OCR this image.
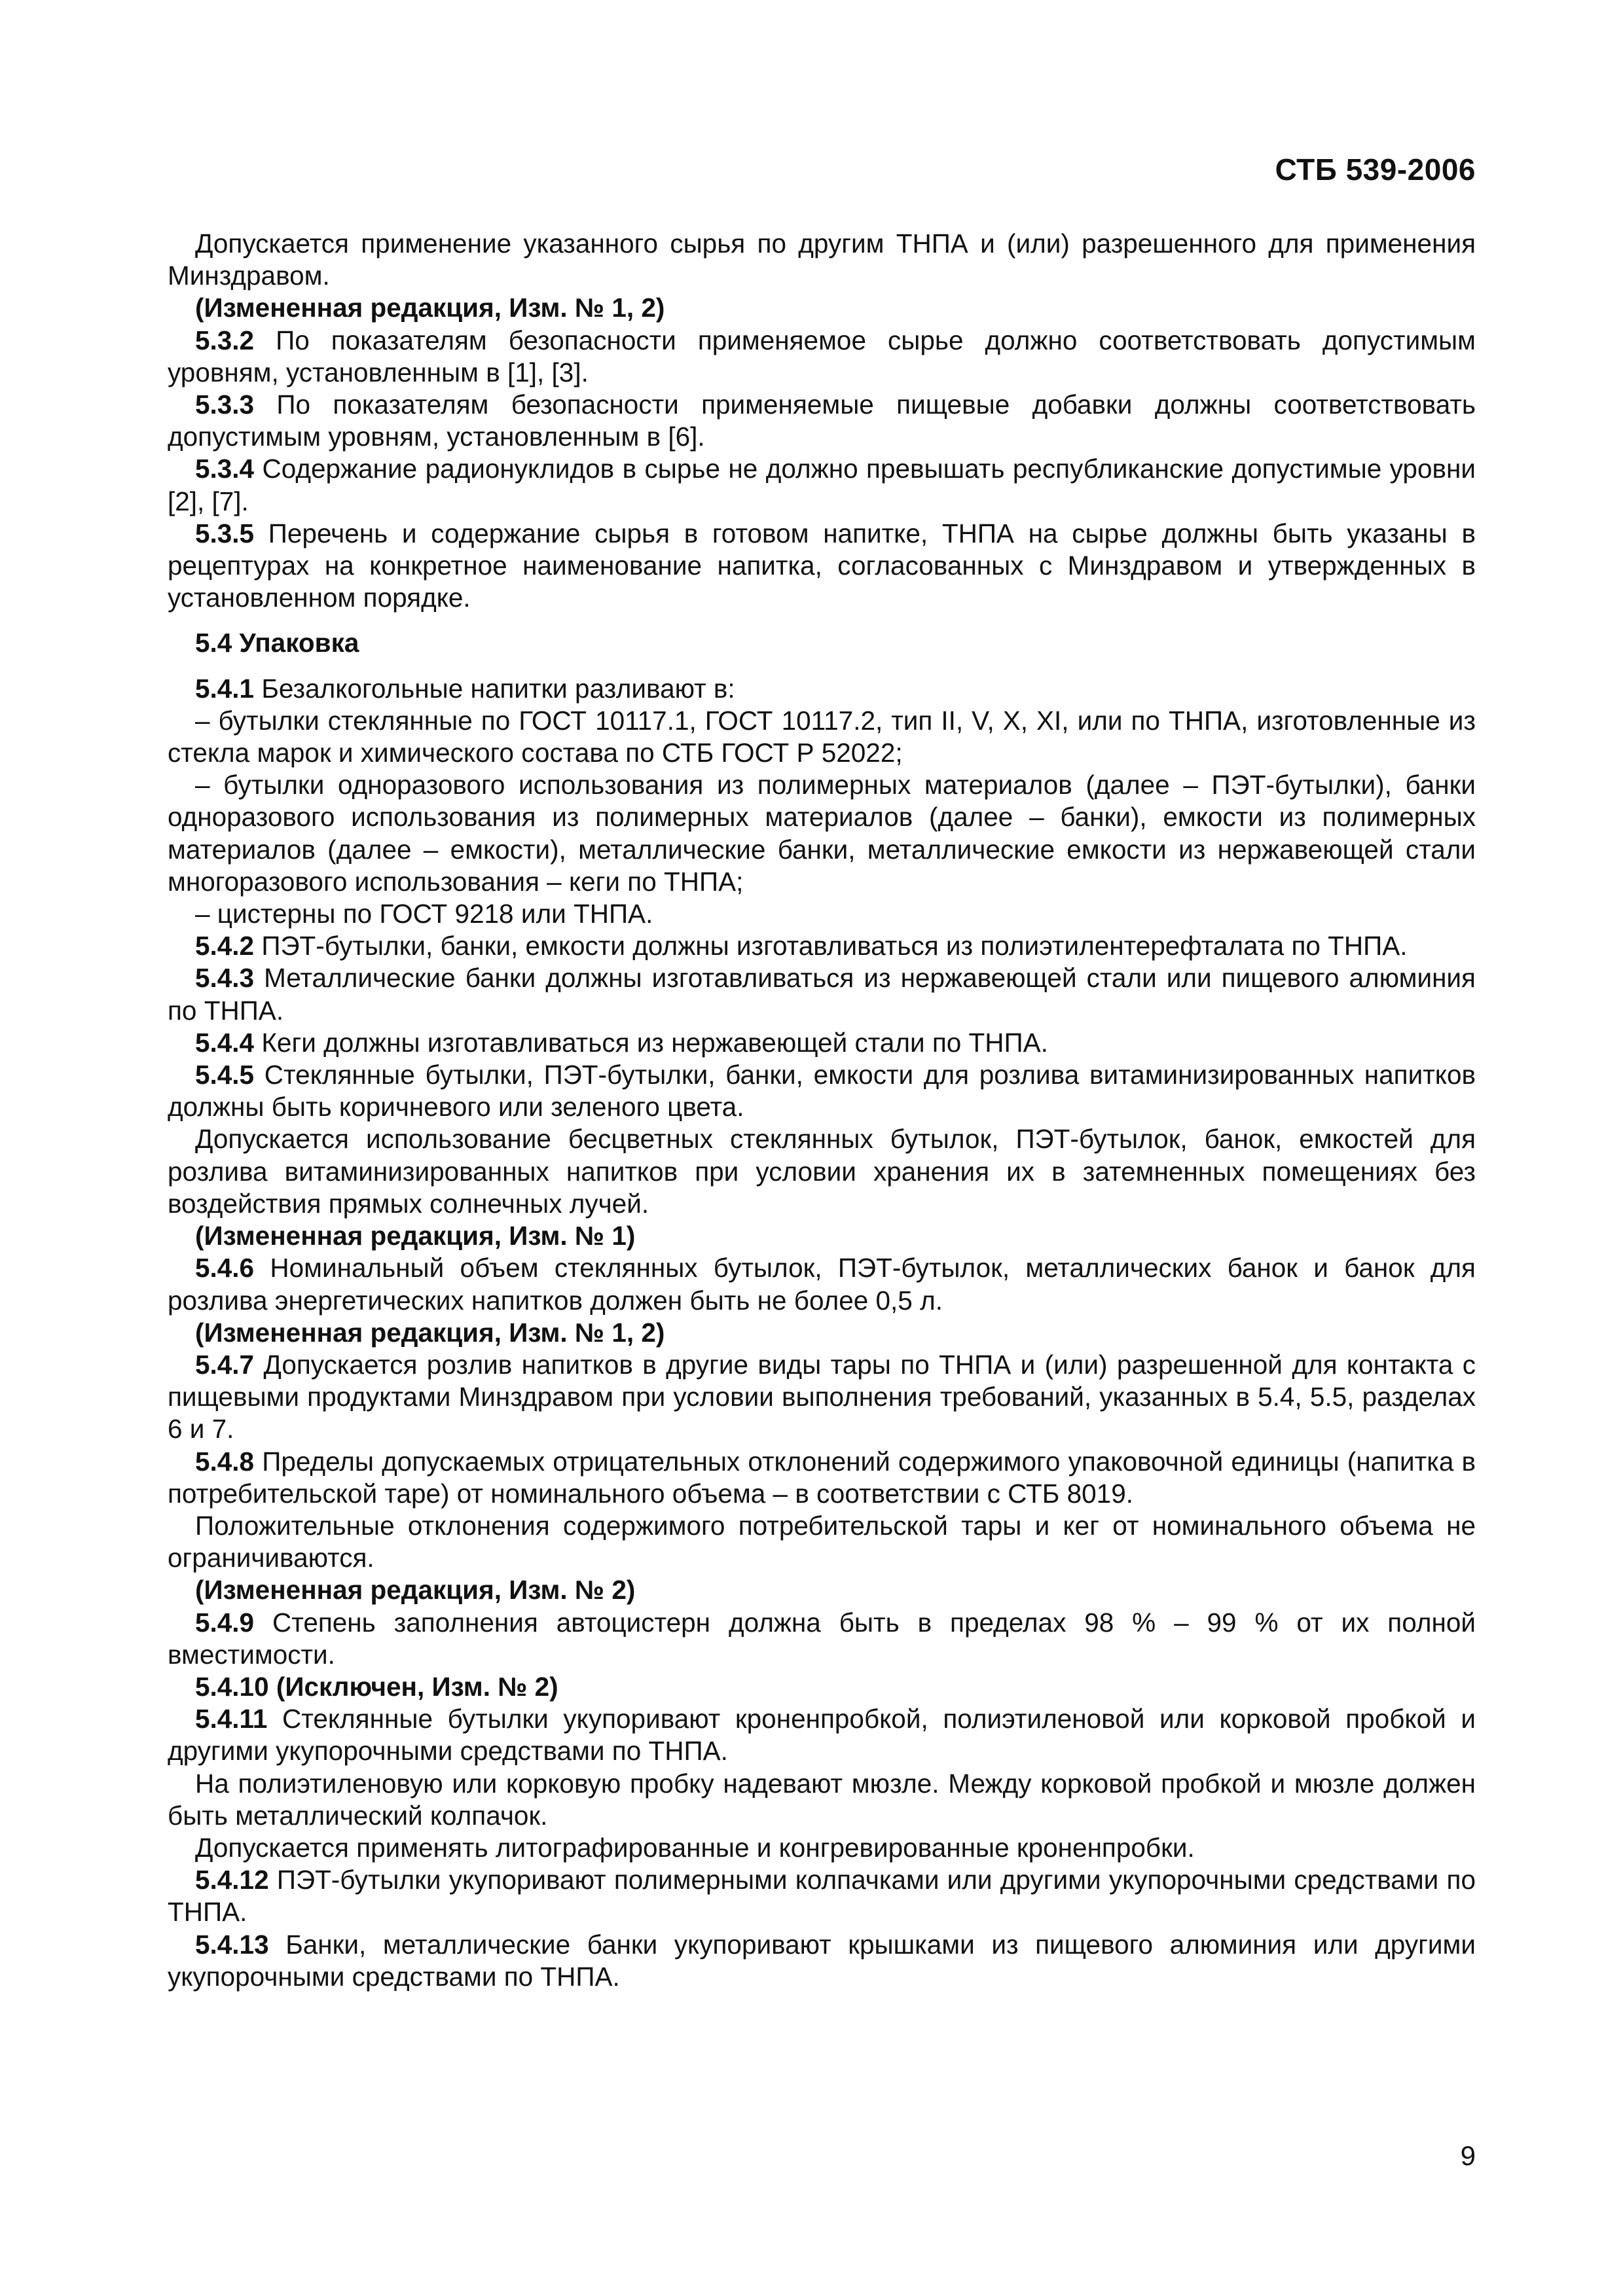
СТБ 539-2006

Допускается применение указанного сырья по другим ТНПА и (или) разрешенного для применения Минздравом.

(Измененная редакция, Изм. № 1, 2)

5.3.2 По показателям безопасности применяемое сырье должно соответствовать допустимым уровням, установленным в [1], [3].

5.3.3 По показателям безопасности применяемые пищевые добавки должны соответствовать допустимым уровням, установленным в [6].

5.3.4 Содержание радионуклидов в сырье не должно превышать республиканские допустимые уровни [2], [7].

5.3.5 Перечень и содержание сырья в готовом напитке, ТНПА на сырье должны быть указаны в рецептурах на конкретное наименование напитка, согласованных с Минздравом и утвержденных в установленном порядке.

5.4 Упаковка

5.4.1 Безалкогольные напитки разливают в:

– бутылки стеклянные по ГОСТ 10117.1, ГОСТ 10117.2, тип II, V, X, XI, или по ТНПА, изготовленные из стекла марок и химического состава по СТБ ГОСТ Р 52022;

– бутылки одноразового использования из полимерных материалов (далее – ПЭТ-бутылки), банки одноразового использования из полимерных материалов (далее – банки), емкости из полимерных материалов (далее – емкости), металлические банки, металлические емкости из нержавеющей стали многоразового использования – кеги по ТНПА;

– цистерны по ГОСТ 9218 или ТНПА.

5.4.2 ПЭТ-бутылки, банки, емкости должны изготавливаться из полиэтилентерефталата по ТНПА.

5.4.3 Металлические банки должны изготавливаться из нержавеющей стали или пищевого алюминия по ТНПА.

5.4.4 Кеги должны изготавливаться из нержавеющей стали по ТНПА.

5.4.5 Стеклянные бутылки, ПЭТ-бутылки, банки, емкости для розлива витаминизированных напитков должны быть коричневого или зеленого цвета.

Допускается использование бесцветных стеклянных бутылок, ПЭТ-бутылок, банок, емкостей для розлива витаминизированных напитков при условии хранения их в затемненных помещениях без воздействия прямых солнечных лучей.

(Измененная редакция, Изм. № 1)

5.4.6 Номинальный объем стеклянных бутылок, ПЭТ-бутылок, металлических банок и банок для розлива энергетических напитков должен быть не более 0,5 л.

(Измененная редакция, Изм. № 1, 2)

5.4.7 Допускается розлив напитков в другие виды тары по ТНПА и (или) разрешенной для контакта с пищевыми продуктами Минздравом при условии выполнения требований, указанных в 5.4, 5.5, разделах 6 и 7.

5.4.8 Пределы допускаемых отрицательных отклонений содержимого упаковочной единицы (напитка в потребительской таре) от номинального объема – в соответствии с СТБ 8019.

Положительные отклонения содержимого потребительской тары и кег от номинального объема не ограничиваются.

(Измененная редакция, Изм. № 2)

5.4.9 Степень заполнения автоцистерн должна быть в пределах 98 % – 99 % от их полной вместимости.

5.4.10 (Исключен, Изм. № 2)

5.4.11 Стеклянные бутылки укупоривают кроненпробкой, полиэтиленовой или корковой пробкой и другими укупорочными средствами по ТНПА.

На полиэтиленовую или корковую пробку надевают мюзле. Между корковой пробкой и мюзле должен быть металлический колпачок.

Допускается применять литографированные и конгревированные кроненпробки.

5.4.12 ПЭТ-бутылки укупоривают полимерными колпачками или другими укупорочными средствами по ТНПА.

5.4.13 Банки, металлические банки укупоривают крышками из пищевого алюминия или другими укупорочными средствами по ТНПА.

9
